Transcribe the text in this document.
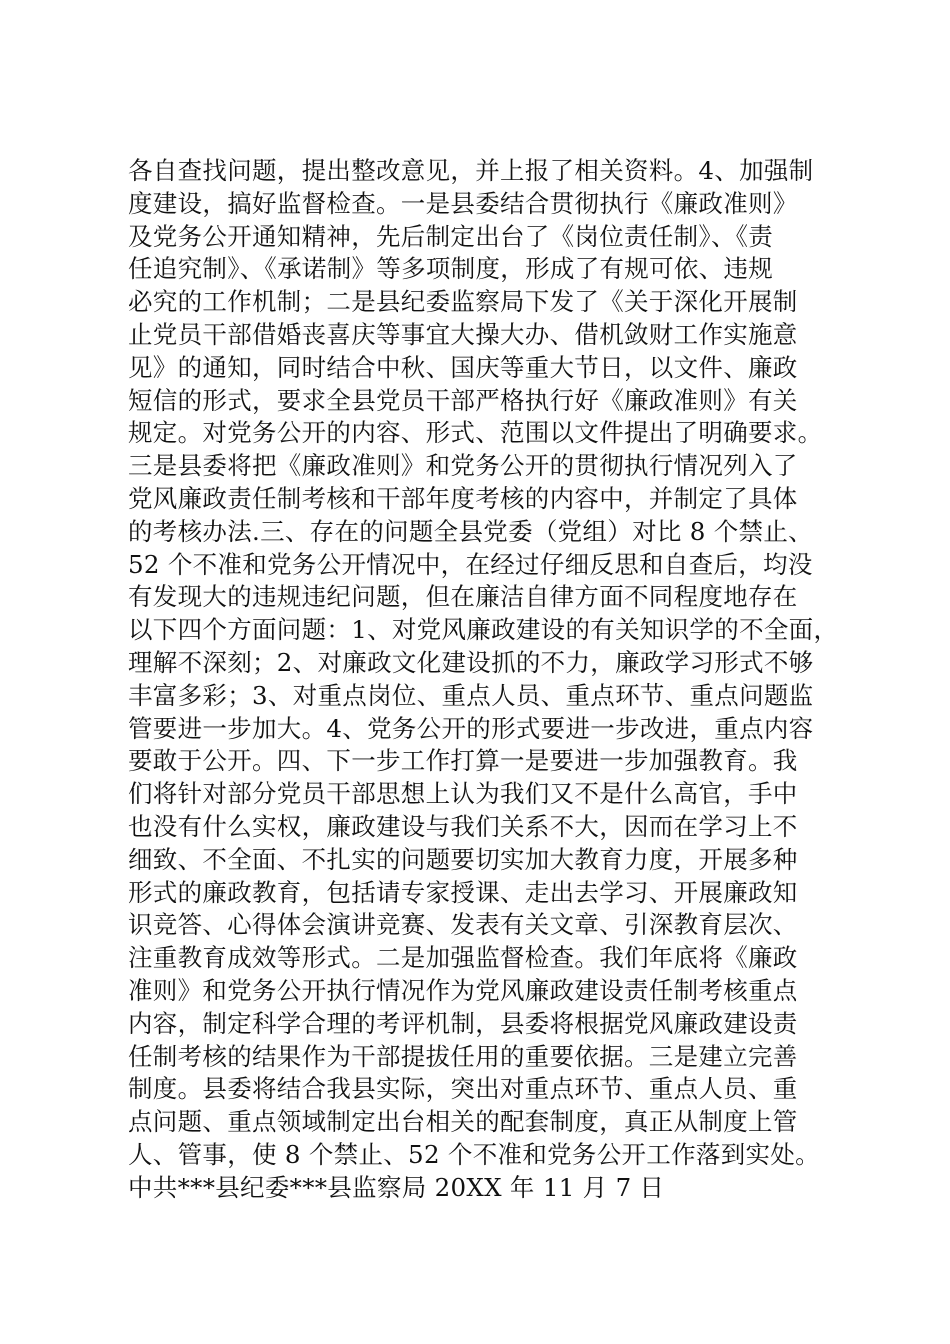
各自查找问题，提出整改意见，并上报了相关资料。4、加强制
度建设，搞好监督检查。一是县委结合贯彻执行《廉政准则》
及党务公开通知精神，先后制定出台了《岗位责任制》、《责
任追究制》、《承诺制》等多项制度，形成了有规可依、违规
必究的工作机制；二是县纪委监察局下发了《关于深化开展制
止党员干部借婚丧喜庆等事宜大操大办、借机敛财工作实施意
见》的通知，同时结合中秋、国庆等重大节日，以文件、廉政
短信的形式，要求全县党员干部严格执行好《廉政准则》有关
规定。对党务公开的内容、形式、范围以文件提出了明确要求。
三是县委将把《廉政准则》和党务公开的贯彻执行情况列入了
党风廉政责任制考核和干部年度考核的内容中，并制定了具体
的考核办法.三、存在的问题全县党委（党组）对比 8 个禁止、
52 个不准和党务公开情况中，在经过仔细反思和自查后，均没
有发现大的违规违纪问题，但在廉洁自律方面不同程度地存在
以下四个方面问题：1、对党风廉政建设的有关知识学的不全面，
理解不深刻；2、对廉政文化建设抓的不力，廉政学习形式不够
丰富多彩；3、对重点岗位、重点人员、重点环节、重点问题监
管要进一步加大。4、党务公开的形式要进一步改进，重点内容
要敢于公开。四、下一步工作打算一是要进一步加强教育。我
们将针对部分党员干部思想上认为我们又不是什么高官，手中
也没有什么实权，廉政建设与我们关系不大，因而在学习上不
细致、不全面、不扎实的问题要切实加大教育力度，开展多种
形式的廉政教育，包括请专家授课、走出去学习、开展廉政知
识竞答、心得体会演讲竞赛、发表有关文章、引深教育层次、
注重教育成效等形式。二是加强监督检查。我们年底将《廉政
准则》和党务公开执行情况作为党风廉政建设责任制考核重点
内容，制定科学合理的考评机制，县委将根据党风廉政建设责
任制考核的结果作为干部提拔任用的重要依据。三是建立完善
制度。县委将结合我县实际，突出对重点环节、重点人员、重
点问题、重点领域制定出台相关的配套制度，真正从制度上管
人、管事，使 8 个禁止、52 个不准和党务公开工作落到实处。
中共***县纪委***县监察局 20XX 年 11 月 7 日
